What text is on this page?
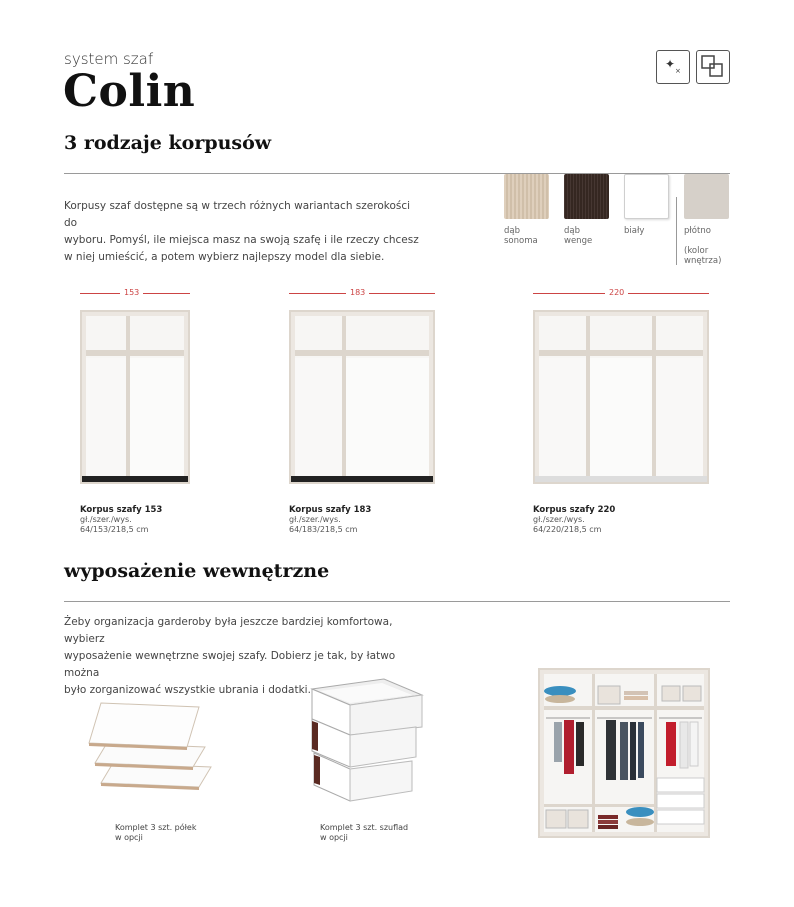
system szaf
Colin
✦ ×
3 rodzaje korpusów
Korpusy szaf dostępne są w trzech różnych wariantach szerokości do
wyboru. Pomyśl, ile miejsca masz na swoją szafę i ile rzeczy chcesz
w niej umieścić, a potem wybierz najlepszy model dla siebie.
dąb
sonoma
dąb
wenge
biały	płótno
(kolor
wnętrza)
153	183	220
Korpus szafy 153
gł./szer./wys.
64/153/218,5 cm
Korpus szafy 183
gł./szer./wys.
64/183/218,5 cm
Korpus szafy 220
gł./szer./wys.
64/220/218,5 cm
wyposażenie wewnętrzne
Żeby organizacja garderoby była jeszcze bardziej komfortowa, wybierz
wyposażenie wewnętrzne swojej szafy. Dobierz je tak, by łatwo można
było zorganizować wszystkie ubrania i dodatki.
Komplet 3 szt. półek
w opcji
Komplet 3 szt. szuflad
w opcji
